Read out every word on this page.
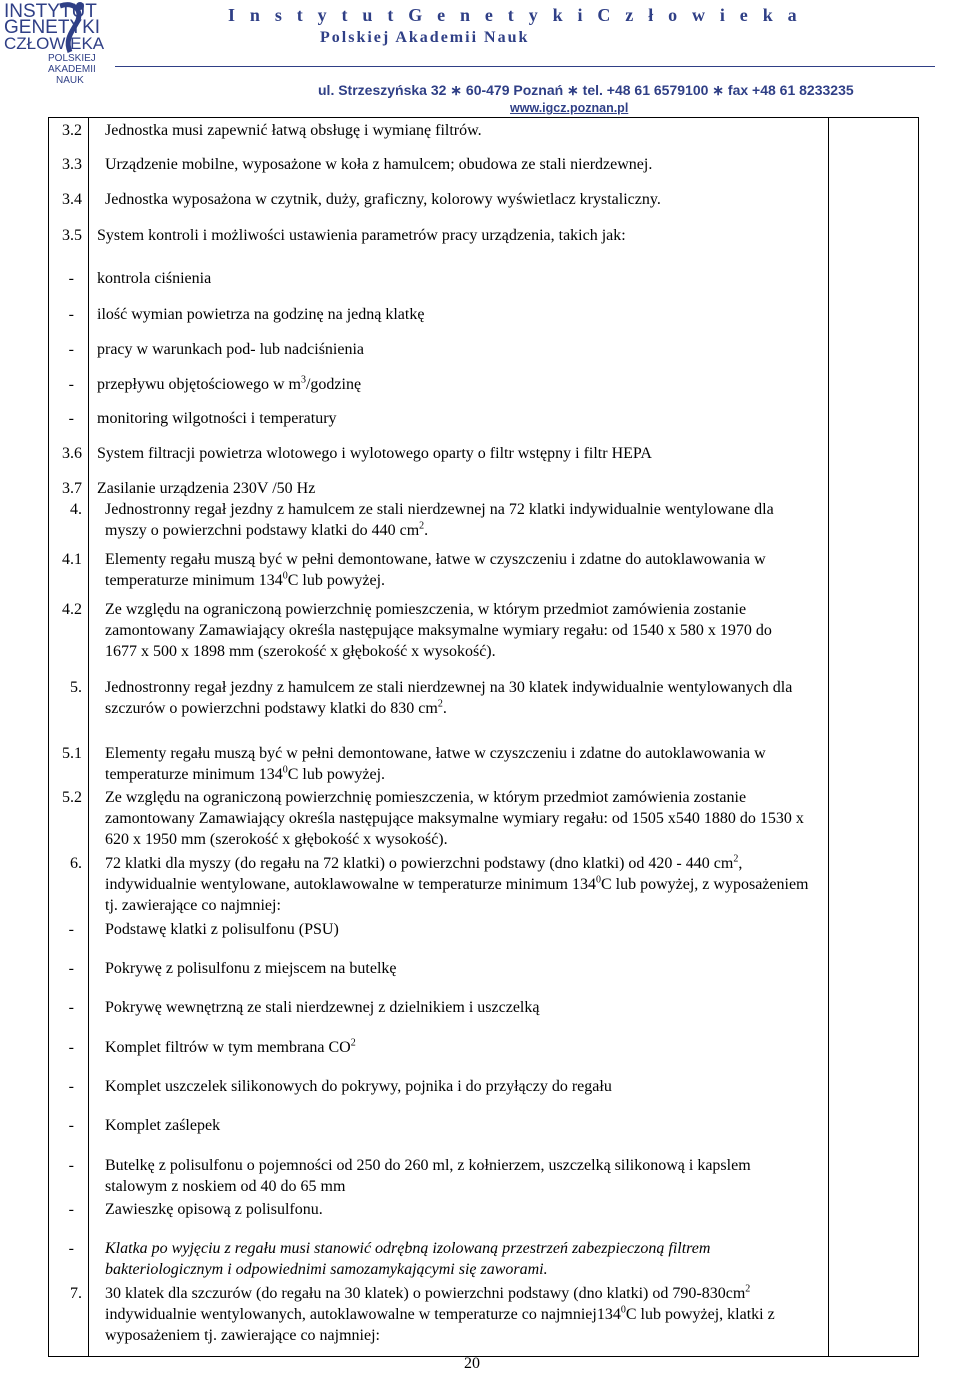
INSTYTUT
GENETYKI
CZŁOWIEKA
POLSKIEJ
AKADEMII
NAUK
I n s t y t u t G e n e t y k i C z ł o w i e k a
Polskiej Akademii Nauk
ul. Strzeszyńska 32 ∗ 60-479 Poznań ∗ tel. +48 61 6579100 ∗ fax +48 61 8233235
www.igcz.poznan.pl
3.2 Jednostka musi zapewnić łatwą obsługę i wymianę filtrów.
3.3 Urządzenie mobilne, wyposażone w koła z hamulcem; obudowa ze stali nierdzewnej.
3.4 Jednostka wyposażona w czytnik, duży, graficzny, kolorowy wyświetlacz krystaliczny.
3.5 System kontroli i możliwości ustawienia parametrów pracy urządzenia, takich jak:
- kontrola ciśnienia
- ilość wymian powietrza na godzinę na jedną klatkę
- pracy w warunkach pod- lub nadciśnienia
- przepływu objętościowego w $m^3$/godzinę
- monitoring wilgotności i temperatury
3.6 System filtracji powietrza wlotowego i wylotowego oparty o filtr wstępny i filtr HEPA
3.7 Zasilanie urządzenia 230V /50 Hz
4. Jednostronny regał jezdny z hamulcem ze stali nierdzewnej na 72 klatki indywidualnie wentylowane dla myszy o powierzchni podstawy klatki do 440 $cm^2$.
4.1 Elementy regału muszą być w pełni demontowane, łatwe w czyszczeniu i zdatne do autoklawowania w temperaturze minimum $134^0C$ lub powyżej.
4.2 Ze względu na ograniczoną powierzchnię pomieszczenia, w którym przedmiot zamówienia zostanie zamontowany Zamawiający określa następujące maksymalne wymiary regału: od 1540 x 580 x 1970 do 1677 x 500 x 1898 mm (szerokość x głębokość x wysokość).
5. Jednostronny regał jezdny z hamulcem ze stali nierdzewnej na 30 klatek indywidualnie wentylowanych dla szczurów o powierzchni podstawy klatki do 830 $cm^2$.
5.1 Elementy regału muszą być w pełni demontowane, łatwe w czyszczeniu i zdatne do autoklawowania w temperaturze minimum $134^0C$ lub powyżej.
5.2 Ze względu na ograniczoną powierzchnię pomieszczenia, w którym przedmiot zamówienia zostanie zamontowany Zamawiający określa następujące maksymalne wymiary regału: od 1505 x540 1880 do 1530 x 620 x 1950 mm (szerokość x głębokość x wysokość).
6. 72 klatki dla myszy (do regału na 72 klatki) o powierzchni podstawy (dno klatki) od 420 - 440 $cm^2$, indywidualnie wentylowane, autoklawowalne w temperaturze minimum $134^0C$ lub powyżej, z wyposażeniem tj. zawierające co najmniej:
- Podstawę klatki z polisulfonu (PSU)
- Pokrywę z polisulfonu z miejscem na butelkę
- Pokrywę wewnętrzną ze stali nierdzewnej z dzielnikiem i uszczelką
- Komplet filtrów w tym membrana $CO^2$
- Komplet uszczelek silikonowych do pokrywy, pojnika i do przyłączy do regału
- Komplet zaślepek
- Butelkę z polisulfonu o pojemności od 250 do 260 ml, z kołnierzem, uszczelką silikonową i kapslem stalowym z noskiem od 40 do 65 mm
- Zawieszkę opisową z polisulfonu.
- Klatka po wyjęciu z regału musi stanowić odrębną izolowaną przestrzeń zabezpieczoną filtrem bakteriologicznym i odpowiednimi samozamykającymi się zaworami.
7. 30 klatek dla szczurów (do regału na 30 klatek) o powierzchni podstawy (dno klatki) od $790-830cm^2$ indywidualnie wentylowanych, autoklawowalne w temperaturze co $najmniej134^0C$ lub powyżej, klatki z wyposażeniem tj. zawierające co najmniej:
20
